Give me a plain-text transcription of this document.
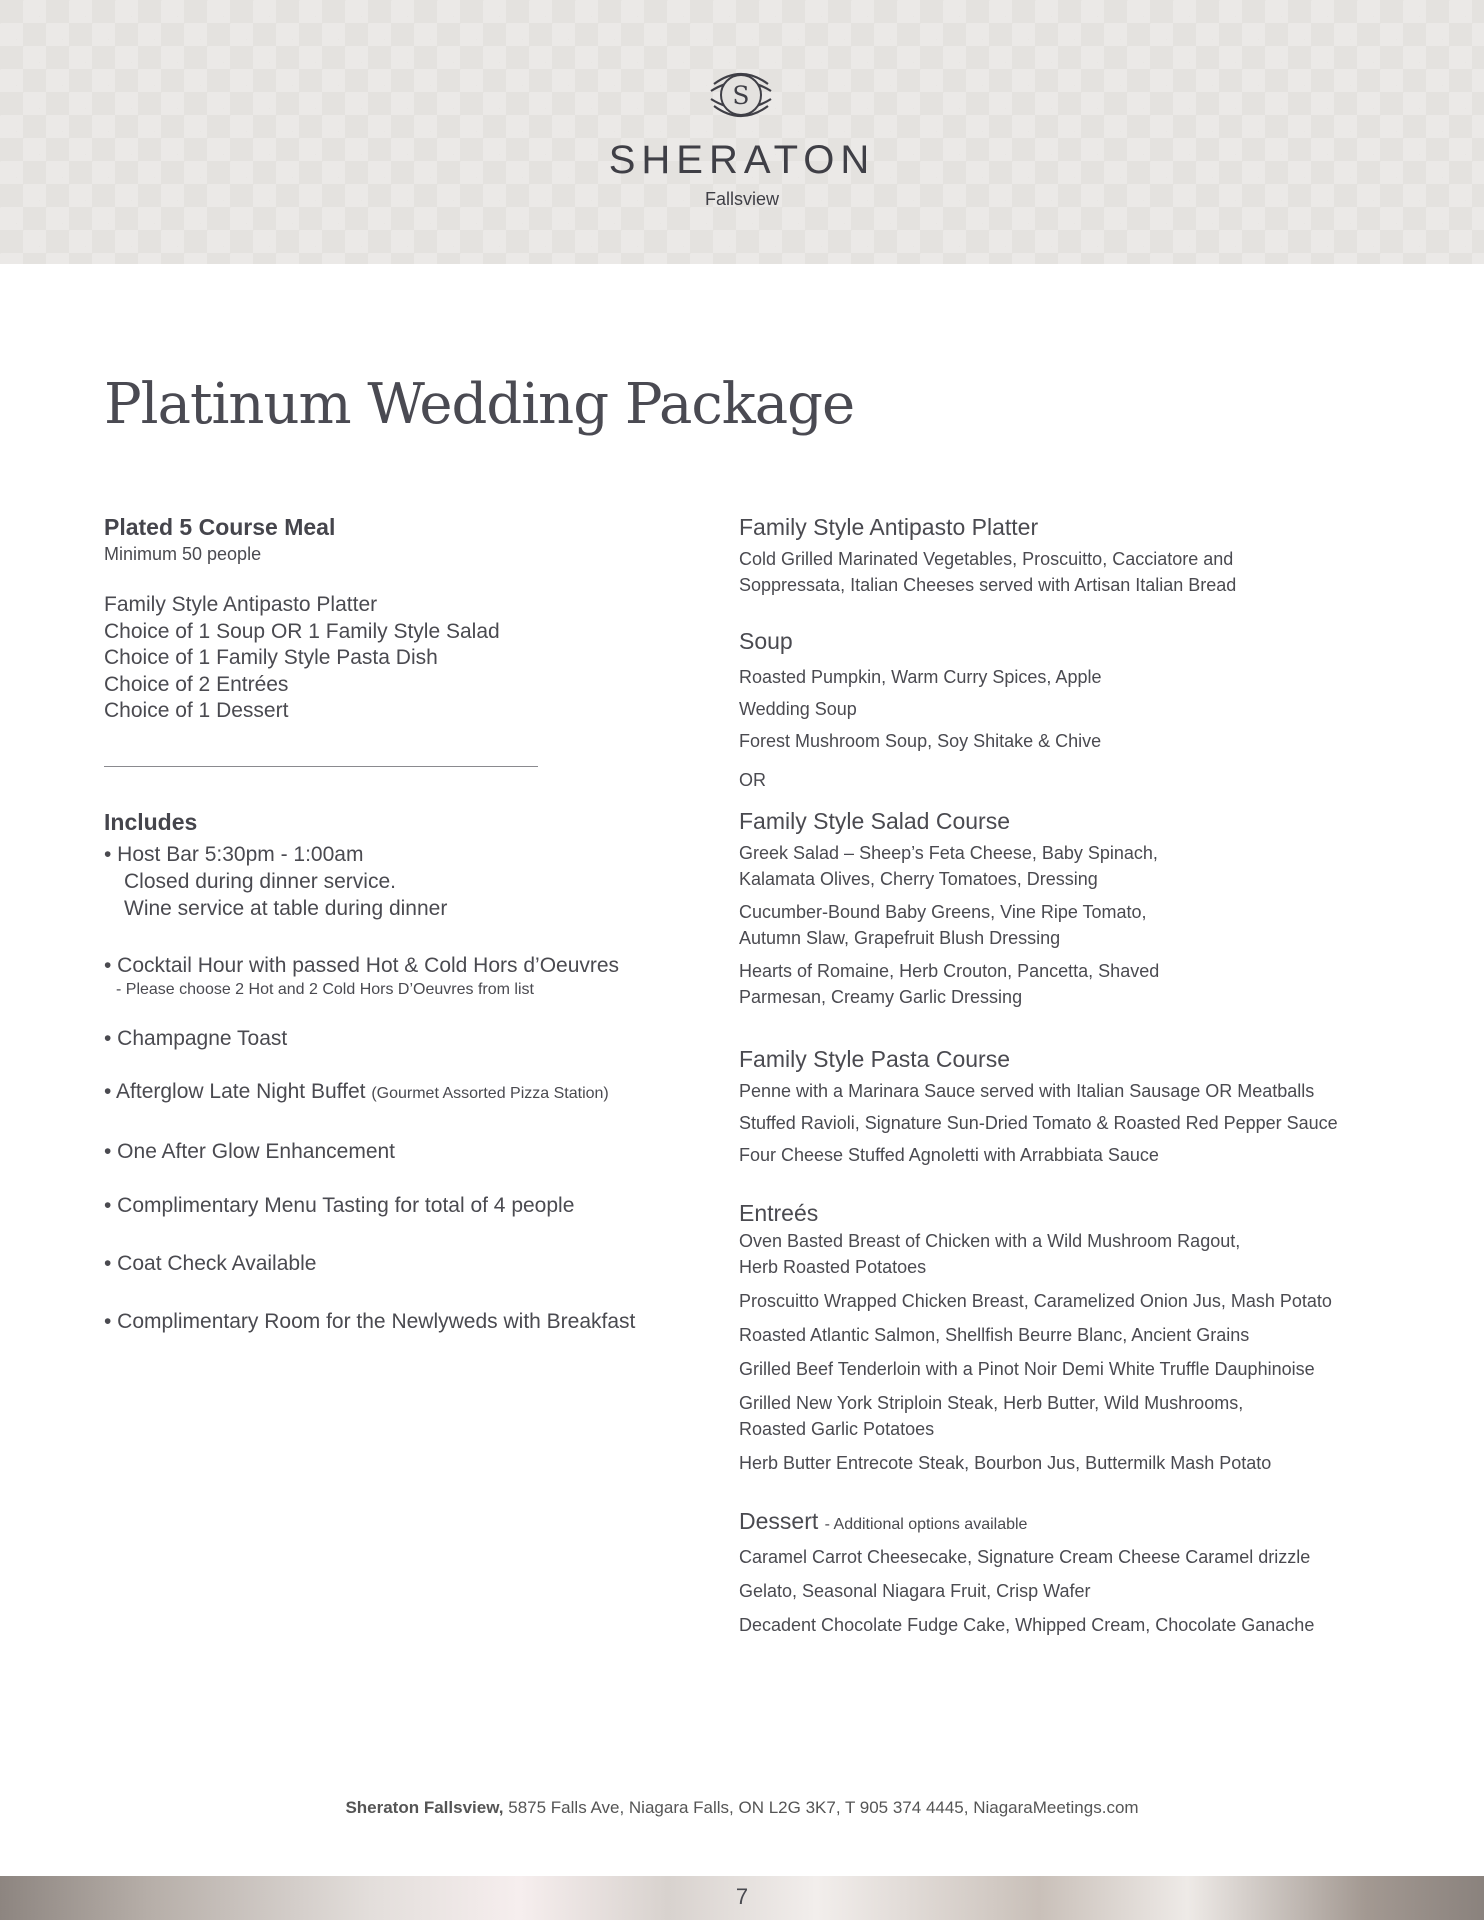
S
SHERATON
Fallsview
Platinum Wedding Package
Plated 5 Course Meal
Minimum 50 people
Family Style Antipasto Platter
Choice of 1 Soup OR 1 Family Style Salad
Choice of 1 Family Style Pasta Dish
Choice of 2 Entrées
Choice of 1 Dessert
Includes
• Host Bar 5:30pm - 1:00am
Closed during dinner service.
Wine service at table during dinner
• Cocktail Hour with passed Hot & Cold Hors d’Oeuvres
- Please choose 2 Hot and 2 Cold Hors D’Oeuvres from list
• Champagne Toast
• Afterglow Late Night Buffet (Gourmet Assorted Pizza Station)
• One After Glow Enhancement
• Complimentary Menu Tasting for total of 4 people
• Coat Check Available
• Complimentary Room for the Newlyweds with Breakfast
Family Style Antipasto Platter
Cold Grilled Marinated Vegetables, Proscuitto, Cacciatore and
Soppressata, Italian Cheeses served with Artisan Italian Bread
Soup
Roasted Pumpkin, Warm Curry Spices, Apple
Wedding Soup
Forest Mushroom Soup, Soy Shitake & Chive
OR
Family Style Salad Course
Greek Salad – Sheep’s Feta Cheese, Baby Spinach,
Kalamata Olives, Cherry Tomatoes, Dressing
Cucumber-Bound Baby Greens, Vine Ripe Tomato,
Autumn Slaw, Grapefruit Blush Dressing
Hearts of Romaine, Herb Crouton, Pancetta, Shaved
Parmesan, Creamy Garlic Dressing
Family Style Pasta Course
Penne with a Marinara Sauce served with Italian Sausage OR Meatballs
Stuffed Ravioli, Signature Sun-Dried Tomato & Roasted Red Pepper Sauce
Four Cheese Stuffed Agnoletti with Arrabbiata Sauce
Entreés
Oven Basted Breast of Chicken with a Wild Mushroom Ragout,
Herb Roasted Potatoes
Proscuitto Wrapped Chicken Breast, Caramelized Onion Jus, Mash Potato
Roasted Atlantic Salmon, Shellfish Beurre Blanc, Ancient Grains
Grilled Beef Tenderloin with a Pinot Noir Demi White Truffle Dauphinoise
Grilled New York Striploin Steak, Herb Butter, Wild Mushrooms,
Roasted Garlic Potatoes
Herb Butter Entrecote Steak, Bourbon Jus, Buttermilk Mash Potato
Dessert - Additional options available
Caramel Carrot Cheesecake, Signature Cream Cheese Caramel drizzle
Gelato, Seasonal Niagara Fruit, Crisp Wafer
Decadent Chocolate Fudge Cake, Whipped Cream, Chocolate Ganache
Sheraton Fallsview, 5875 Falls Ave, Niagara Falls, ON L2G 3K7, T 905 374 4445, NiagaraMeetings.com
7
